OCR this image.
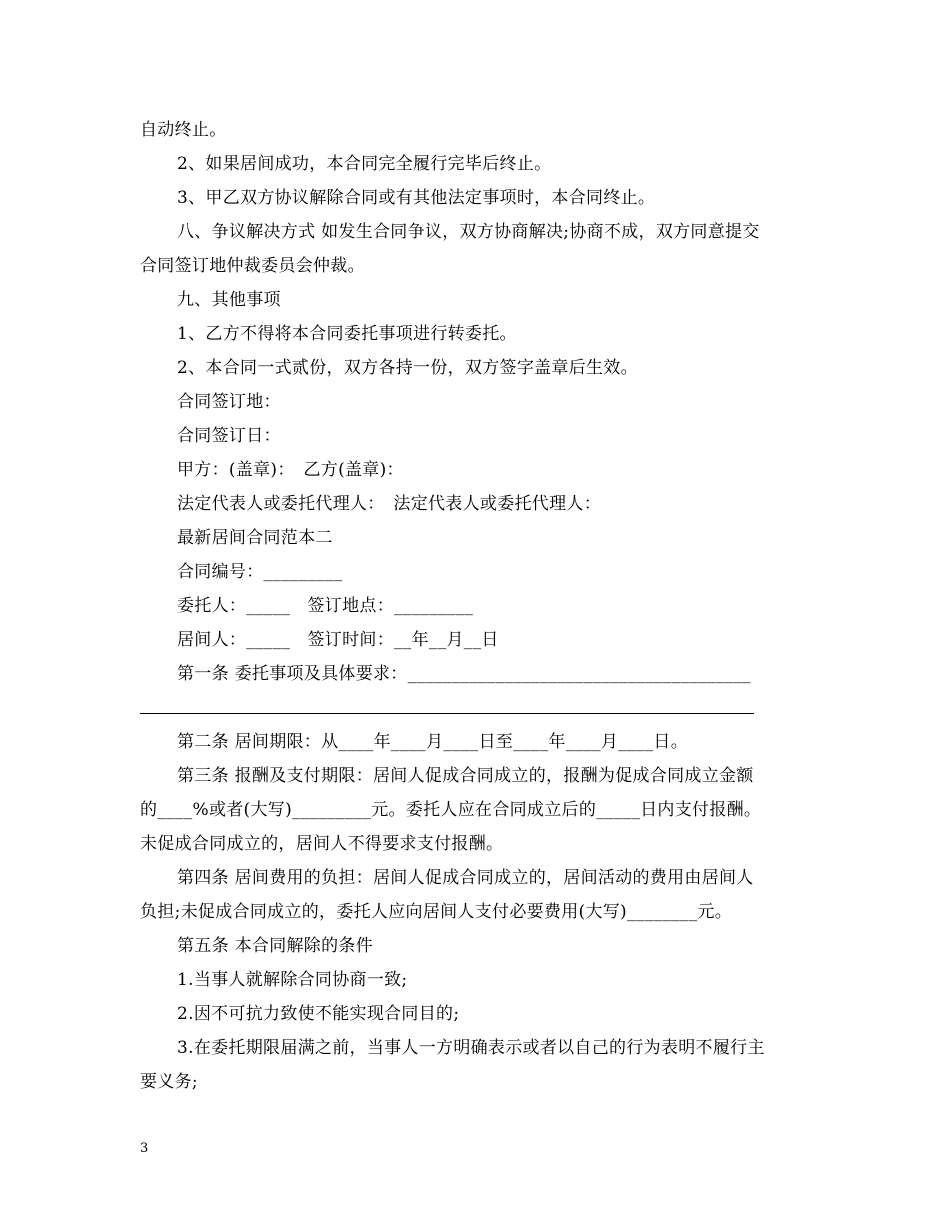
自动终止。
2、如果居间成功，本合同完全履行完毕后终止。
3、甲乙双方协议解除合同或有其他法定事项时，本合同终止。
八、争议解决方式 如发生合同争议，双方协商解决;协商不成，双方同意提交
合同签订地仲裁委员会仲裁。
九、其他事项
1、乙方不得将本合同委托事项进行转委托。
2、本合同一式贰份，双方各持一份，双方签字盖章后生效。
合同签订地：
合同签订日：
甲方：(盖章)：　乙方(盖章)：
法定代表人或委托代理人：　法定代表人或委托代理人：
最新居间合同范本二
合同编号：_________
委托人：_____　签订地点：_________
居间人：_____　签订时间：__年__月__日
第一条 委托事项及具体要求：_______________________________________
第二条 居间期限：从____年____月____日至____年____月____日。
第三条 报酬及支付期限：居间人促成合同成立的，报酬为促成合同成立金额
的____%或者(大写)_________元。委托人应在合同成立后的_____日内支付报酬。
未促成合同成立的，居间人不得要求支付报酬。
第四条 居间费用的负担：居间人促成合同成立的，居间活动的费用由居间人
负担;未促成合同成立的，委托人应向居间人支付必要费用(大写)________元。
第五条 本合同解除的条件
1.当事人就解除合同协商一致;
2.因不可抗力致使不能实现合同目的;
3.在委托期限届满之前，当事人一方明确表示或者以自己的行为表明不履行主
要义务;
3
